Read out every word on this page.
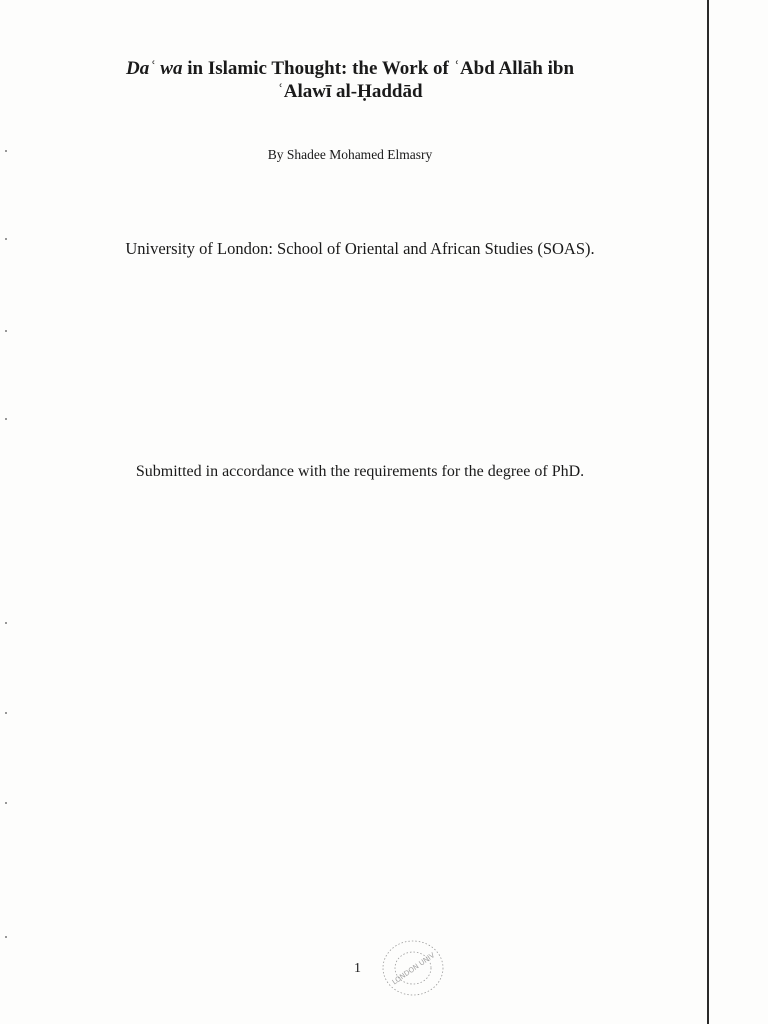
Daʿ wa in Islamic Thought: the Work of ʿAbd Allāh ibn
ʿAlawī al-Ḥaddād
By Shadee Mohamed Elmasry
University of London: School of Oriental and African Studies (SOAS).
Submitted in accordance with the requirements for the degree of PhD.
1	LONDON UNIV
